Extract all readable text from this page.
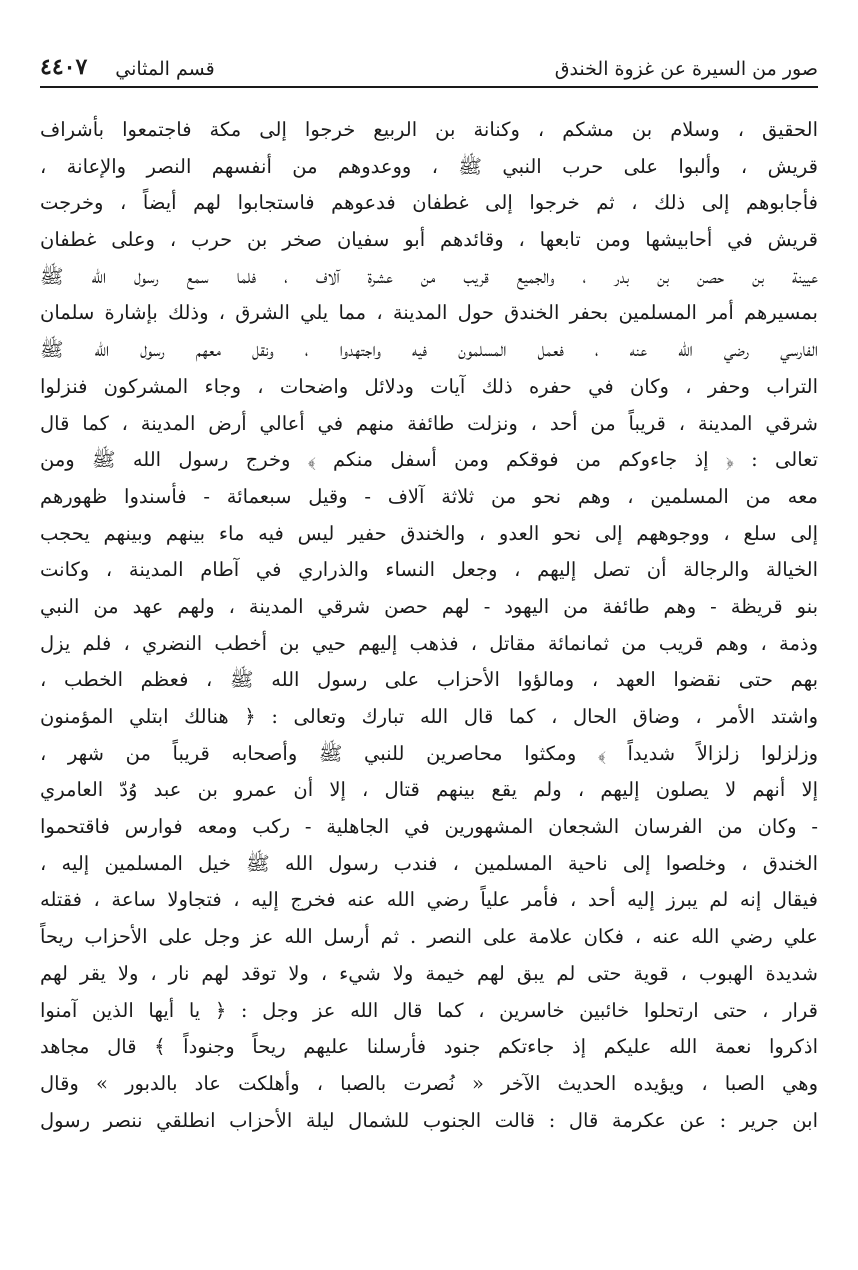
صور من السيرة عن غزوة الخندق
قسم المثاني
٤٤٠٧
الحقيق ، وسلام بن مشكم ، وكنانة بن الربيع خرجوا إلى مكة فاجتمعوا بأشراف
قريش ، وألبوا على حرب النبي ﷺ ، ووعدوهم من أنفسهم النصر والإعانة ،
فأجابوهم إلى ذلك ، ثم خرجوا إلى غطفان فدعوهم فاستجابوا لهم أيضاً ، وخرجت
قريش في أحابيشها ومن تابعها ، وقائدهم أبو سفيان صخر بن حرب ، وعلى غطفان
عيينة بن حصن بن بدر ، والجميع قريب من عشرة آلاف ، فلما سمع رسول الله ﷺ
بمسيرهم أمر المسلمين بحفر الخندق حول المدينة ، مما يلي الشرق ، وذلك بإشارة سلمان
الفارسي رضي الله عنه ، فعمل المسلمون فيه واجتهدوا ، ونقل معهم رسول الله ﷺ
التراب وحفر ، وكان في حفره ذلك آيات ودلائل واضحات ، وجاء المشركون فنزلوا
شرقي المدينة ، قريباً من أحد ، ونزلت طائفة منهم في أعالي أرض المدينة ، كما قال
تعالى : ﴿ إذ جاءوكم من فوقكم ومن أسفل منكم ﴾ وخرج رسول الله ﷺ ومن
معه من المسلمين ، وهم نحو من ثلاثة آلاف - وقيل سبعمائة - فأسندوا ظهورهم
إلى سلع ، ووجوههم إلى نحو العدو ، والخندق حفير ليس فيه ماء بينهم وبينهم يحجب
الخيالة والرجالة أن تصل إليهم ، وجعل النساء والذراري في آطام المدينة ، وكانت
بنو قريظة - وهم طائفة من اليهود - لهم حصن شرقي المدينة ، ولهم عهد من النبي
وذمة ، وهم قريب من ثمانمائة مقاتل ، فذهب إليهم حيي بن أخطب النضري ، فلم يزل
بهم حتى نقضوا العهد ، ومالؤوا الأحزاب على رسول الله ﷺ ، فعظم الخطب ،
واشتد الأمر ، وضاق الحال ، كما قال الله تبارك وتعالى : ﴿ هنالك ابتلي المؤمنون
وزلزلوا زلزالاً شديداً ﴾ ومكثوا محاصرين للنبي ﷺ وأصحابه قريباً من شهر ،
إلا أنهم لا يصلون إليهم ، ولم يقع بينهم قتال ، إلا أن عمرو بن عبد وُدّ العامري
- وكان من الفرسان الشجعان المشهورين في الجاهلية - ركب ومعه فوارس فاقتحموا
الخندق ، وخلصوا إلى ناحية المسلمين ، فندب رسول الله ﷺ خيل المسلمين إليه ،
فيقال إنه لم يبرز إليه أحد ، فأمر علياً رضي الله عنه فخرج إليه ، فتجاولا ساعة ، فقتله
علي رضي الله عنه ، فكان علامة على النصر . ثم أرسل الله عز وجل على الأحزاب ريحاً
شديدة الهبوب ، قوية حتى لم يبق لهم خيمة ولا شيء ، ولا توقد لهم نار ، ولا يقر لهم
قرار ، حتى ارتحلوا خائبين خاسرين ، كما قال الله عز وجل : ﴿ يا أيها الذين آمنوا
اذكروا نعمة الله عليكم إذ جاءتكم جنود فأرسلنا عليهم ريحاً وجنوداً ﴾ قال مجاهد
وهي الصبا ، ويؤيده الحديث الآخر « نُصرت بالصبا ، وأهلكت عاد بالدبور » وقال
ابن جرير : عن عكرمة قال : قالت الجنوب للشمال ليلة الأحزاب انطلقي ننصر رسول
